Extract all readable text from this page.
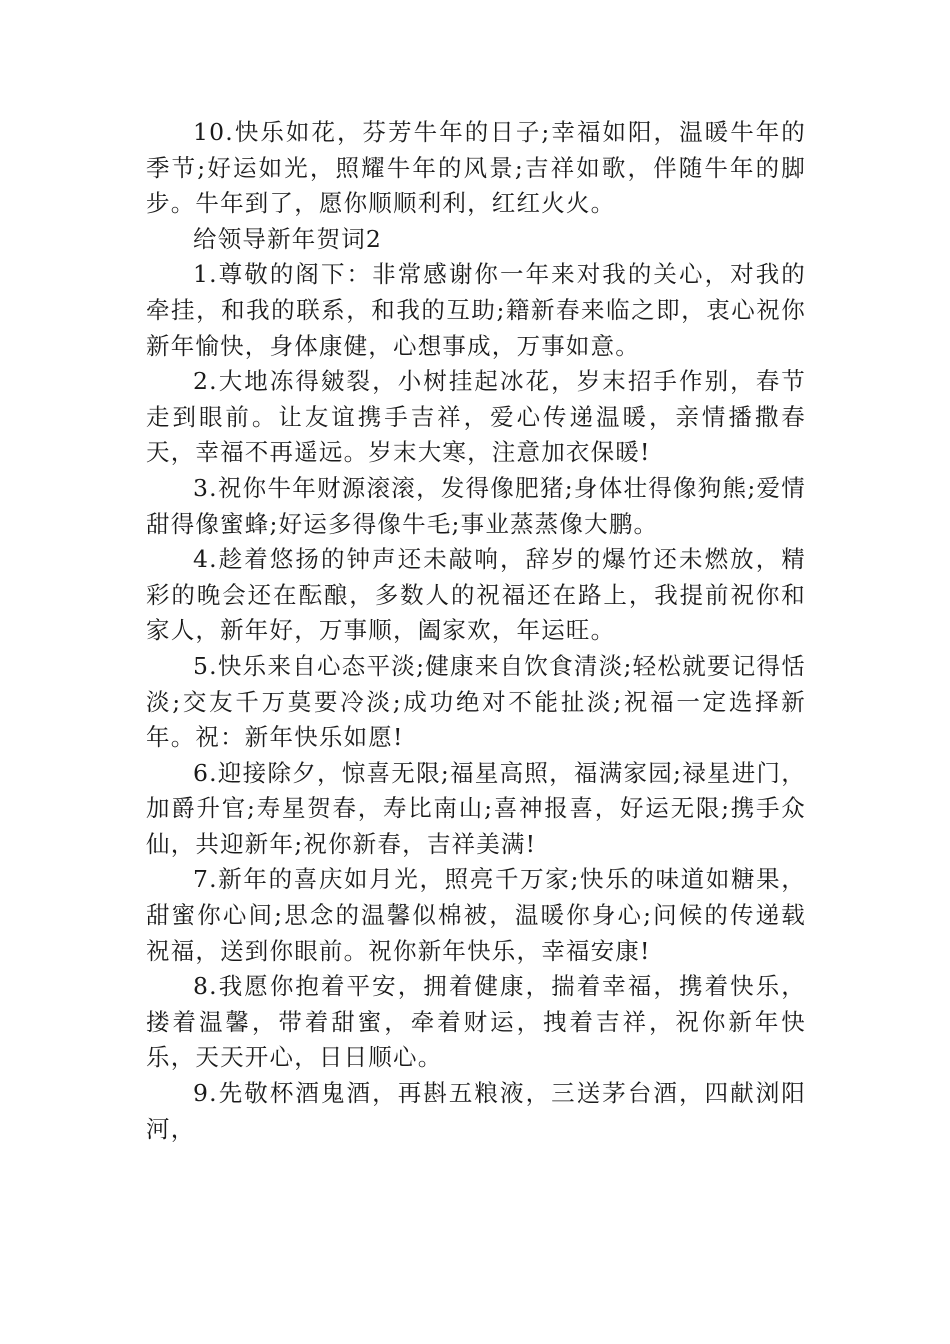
10.快乐如花，芬芳牛年的日子;幸福如阳，温暖牛年的季节;好运如光，照耀牛年的风景;吉祥如歌，伴随牛年的脚步。牛年到了，愿你顺顺利利，红红火火。

给领导新年贺词2

1.尊敬的阁下：非常感谢你一年来对我的关心，对我的牵挂，和我的联系，和我的互助;籍新春来临之即，衷心祝你新年愉快，身体康健，心想事成，万事如意。

2.大地冻得皴裂，小树挂起冰花，岁末招手作别，春节走到眼前。让友谊携手吉祥，爱心传递温暖，亲情播撒春天，幸福不再遥远。岁末大寒，注意加衣保暖!

3.祝你牛年财源滚滚，发得像肥猪;身体壮得像狗熊;爱情甜得像蜜蜂;好运多得像牛毛;事业蒸蒸像大鹏。

4.趁着悠扬的钟声还未敲响，辞岁的爆竹还未燃放，精彩的晚会还在酝酿，多数人的祝福还在路上，我提前祝你和家人，新年好，万事顺，阖家欢，年运旺。

5.快乐来自心态平淡;健康来自饮食清淡;轻松就要记得恬淡;交友千万莫要冷淡;成功绝对不能扯淡;祝福一定选择新年。祝：新年快乐如愿!

6.迎接除夕，惊喜无限;福星高照，福满家园;禄星进门，加爵升官;寿星贺春，寿比南山;喜神报喜，好运无限;携手众仙，共迎新年;祝你新春，吉祥美满!

7.新年的喜庆如月光，照亮千万家;快乐的味道如糖果，甜蜜你心间;思念的温馨似棉被，温暖你身心;问候的传递载祝福，送到你眼前。祝你新年快乐，幸福安康!

8.我愿你抱着平安，拥着健康，揣着幸福，携着快乐，搂着温馨，带着甜蜜，牵着财运，拽着吉祥，祝你新年快乐，天天开心，日日顺心。

9.先敬杯酒鬼酒，再斟五粮液，三送茅台酒，四献浏阳河，
